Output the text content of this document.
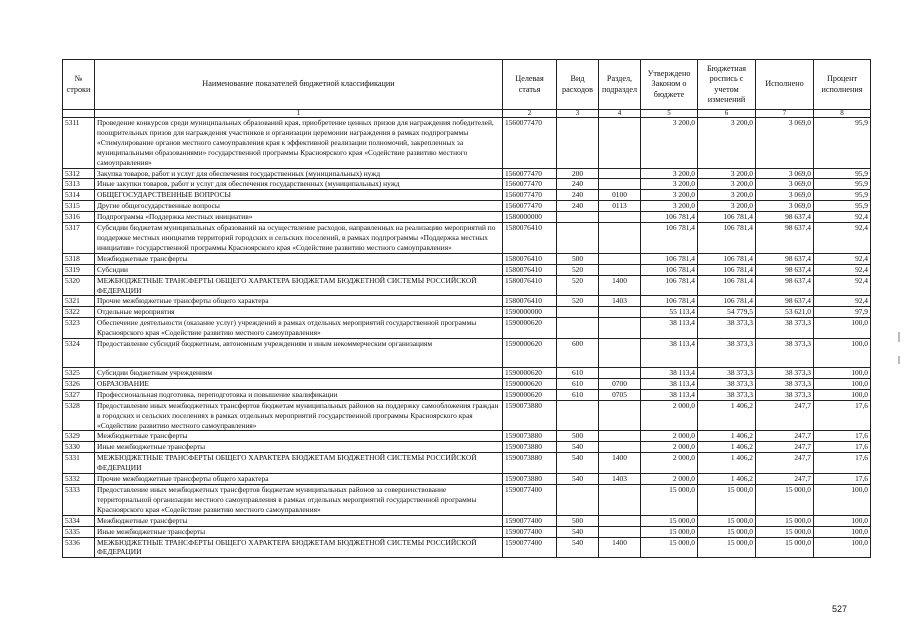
№ строки	Наименование показателей бюджетной классификации	Целевая статья	Вид расходов	Раздел, подраздел	Утверждено Законом о бюджете	Бюджетная роспись с учетом изменений	Исполнено	Процент исполнения
	1	2	3	4	5	6	7	8
5311	Проведение конкурсов среди муниципальных образований края, приобретение ценных призов для награждения победителей, поощрительных призов для награждения участников и организации церемонии награждения в рамках подпрограммы «Стимулирование органов местного самоуправления края к эффективной реализации полномочий, закрепленных за муниципальными образованиями» государственной программы Красноярского края «Содействие развитию местного самоуправления»	1560077470			3 200,0	3 200,0	3 069,0	95,9
5312	Закупка товаров, работ и услуг для обеспечения государственных (муниципальных) нужд	1560077470	200		3 200,0	3 200,0	3 069,0	95,9
5313	Иные закупки товаров, работ и услуг для обеспечения государственных (муниципальных) нужд	1560077470	240		3 200,0	3 200,0	3 069,0	95,9
5314	ОБЩЕГОСУДАРСТВЕННЫЕ ВОПРОСЫ	1560077470	240	0100	3 200,0	3 200,0	3 069,0	95,9
5315	Другие общегосударственные вопросы	1560077470	240	0113	3 200,0	3 200,0	3 069,0	95,9
5316	Подпрограмма «Поддержка местных инициатив»	1580000000			106 781,4	106 781,4	98 637,4	92,4
5317	Субсидии бюджетам муниципальных образований на осуществление расходов, направленных на реализацию мероприятий по поддержке местных инициатив территорий городских и сельских поселений, в рамках подпрограммы «Поддержка местных инициатив» государственной программы Красноярского края «Содействие развитию местного самоуправления»	1580076410			106 781,4	106 781,4	98 637,4	92,4
5318	Межбюджетные трансферты	1580076410	500		106 781,4	106 781,4	98 637,4	92,4
5319	Субсидии	1580076410	520		106 781,4	106 781,4	98 637,4	92,4
5320	МЕЖБЮДЖЕТНЫЕ ТРАНСФЕРТЫ ОБЩЕГО ХАРАКТЕРА БЮДЖЕТАМ БЮДЖЕТНОЙ СИСТЕМЫ РОССИЙСКОЙ ФЕДЕРАЦИИ	1580076410	520	1400	106 781,4	106 781,4	98 637,4	92,4
5321	Прочие межбюджетные трансферты общего характера	1580076410	520	1403	106 781,4	106 781,4	98 637,4	92,4
5322	Отдельные мероприятия	1590000000			55 113,4	54 779,5	53 621,0	97,9
5323	Обеспечение деятельности (оказание услуг) учреждений в рамках отдельных мероприятий государственной программы Красноярского края «Содействие развитию местного самоуправления»	1590000620			38 113,4	38 373,3	38 373,3	100,0
5324	Предоставление субсидий бюджетным, автономным учреждениям и иным некоммерческим организациям	1590000620	600		38 113,4	38 373,3	38 373,3	100,0
5325	Субсидии бюджетным учреждениям	1590000620	610		38 113,4	38 373,3	38 373,3	100,0
5326	ОБРАЗОВАНИЕ	1590000620	610	0700	38 113,4	38 373,3	38 373,3	100,0
5327	Профессиональная подготовка, переподготовка и повышение квалификации	1590000620	610	0705	38 113,4	38 373,3	38 373,3	100,0
5328	Предоставление иных межбюджетных трансфертов бюджетам муниципальных районов на поддержку самообложения граждан в городских и сельских поселениях в рамках отдельных мероприятий государственной программы Красноярского края «Содействие развитию местного самоуправления»	1590073880			2 000,0	1 406,2	247,7	17,6
5329	Межбюджетные трансферты	1590073880	500		2 000,0	1 406,2	247,7	17,6
5330	Иные межбюджетные трансферты	1590073880	540		2 000,0	1 406,2	247,7	17,6
5331	МЕЖБЮДЖЕТНЫЕ ТРАНСФЕРТЫ ОБЩЕГО ХАРАКТЕРА БЮДЖЕТАМ БЮДЖЕТНОЙ СИСТЕМЫ РОССИЙСКОЙ ФЕДЕРАЦИИ	1590073880	540	1400	2 000,0	1 406,2	247,7	17,6
5332	Прочие межбюджетные трансферты общего характера	1590073880	540	1403	2 000,0	1 406,2	247,7	17,6
5333	Предоставление иных межбюджетных трансфертов бюджетам муниципальных районов за совершенствование территориальной организации местного самоуправления в рамках отдельных мероприятий государственной программы Красноярского края «Содействие развитию местного самоуправления»	1590077400			15 000,0	15 000,0	15 000,0	100,0
5334	Межбюджетные трансферты	1590077400	500		15 000,0	15 000,0	15 000,0	100,0
5335	Иные межбюджетные трансферты	1590077400	540		15 000,0	15 000,0	15 000,0	100,0
5336	МЕЖБЮДЖЕТНЫЕ ТРАНСФЕРТЫ ОБЩЕГО ХАРАКТЕРА БЮДЖЕТАМ БЮДЖЕТНОЙ СИСТЕМЫ РОССИЙСКОЙ ФЕДЕРАЦИИ	1590077400	540	1400	15 000,0	15 000,0	15 000,0	100,0
527
